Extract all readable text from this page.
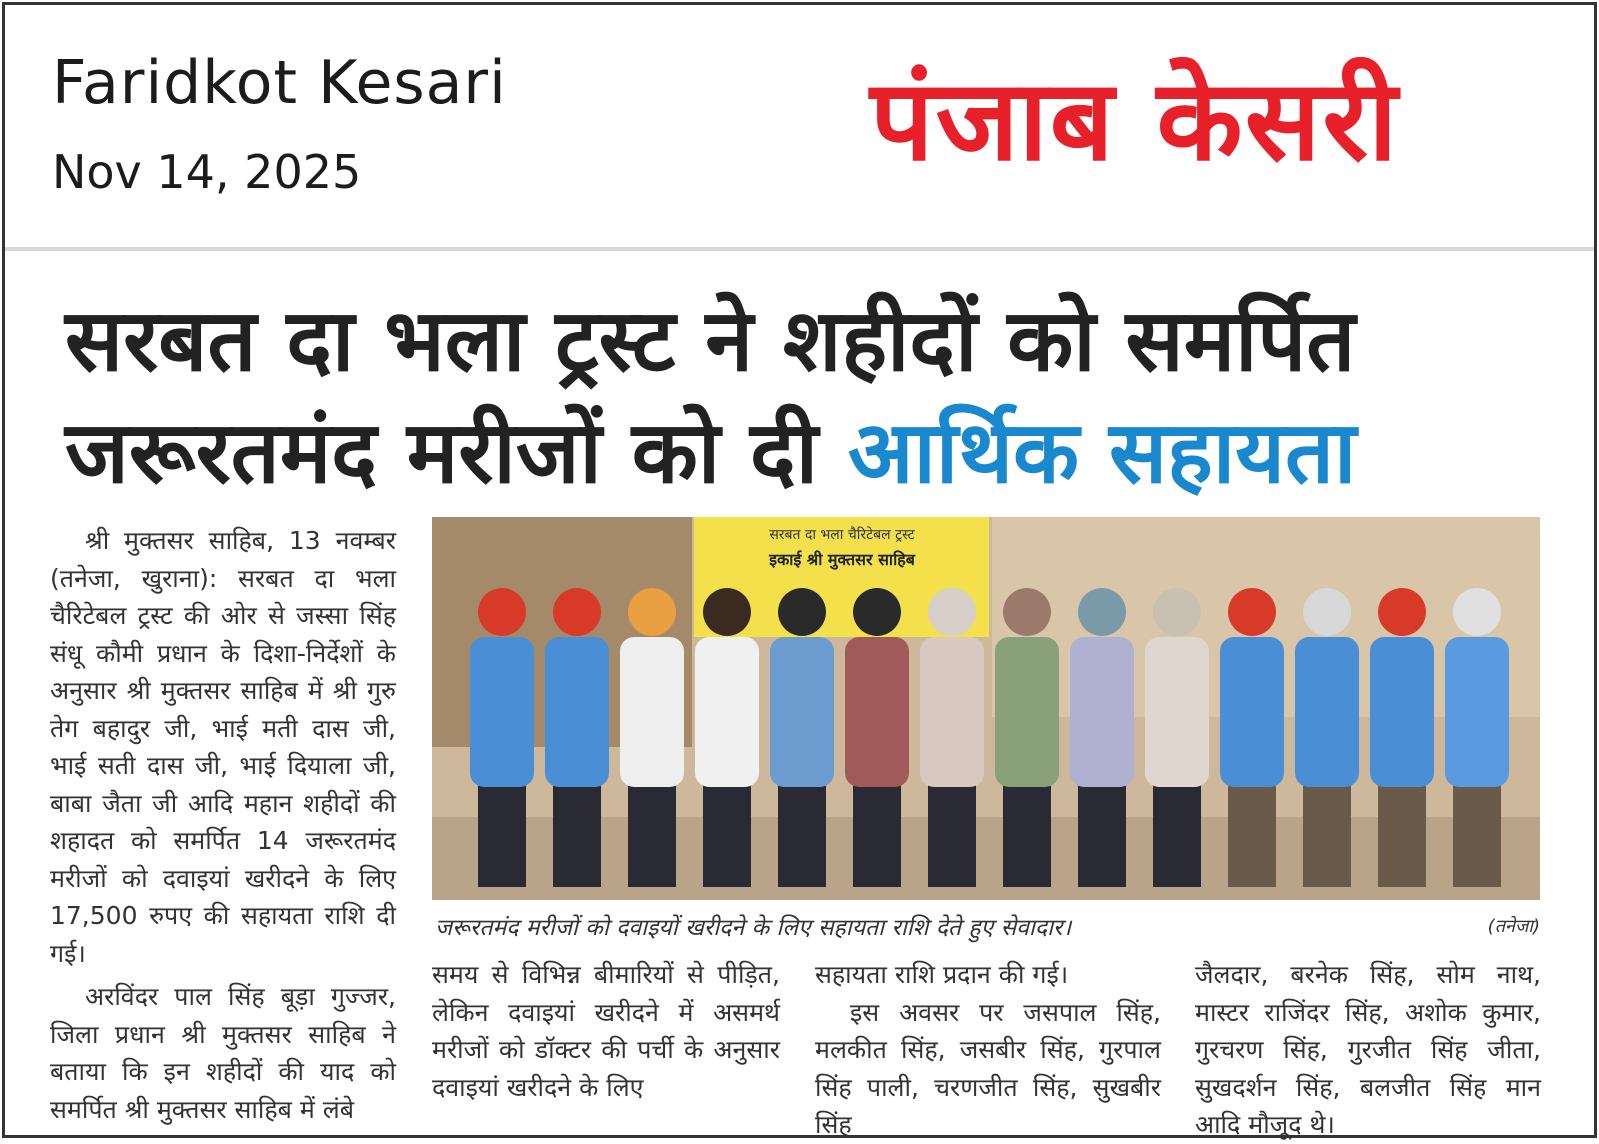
Faridkot Kesari
Nov 14, 2025	पंजाब केसरी
सरबत दा भला ट्रस्ट ने शहीदों को समर्पित
जरूरतमंद मरीजों को दी आर्थिक सहायता

श्री मुक्तसर साहिब, 13 नवम्बर (तनेजा, खुराना): सरबत दा भला चैरिटेबल ट्रस्ट की ओर से जस्सा सिंह संधू कौमी प्रधान के दिशा-निर्देशों के अनुसार श्री मुक्तसर साहिब में श्री गुरु तेग बहादुर जी, भाई मती दास जी, भाई सती दास जी, भाई दियाला जी, बाबा जैता जी आदि महान शहीदों की शहादत को समर्पित 14 जरूरतमंद मरीजों को दवाइयां खरीदने के लिए 17,500 रुपए की सहायता राशि दी गई।

अरविंदर पाल सिंह बूड़ा गुज्जर, जिला प्रधान श्री मुक्तसर साहिब ने बताया कि इन शहीदों की याद को समर्पित श्री मुक्तसर साहिब में लंबे

सरबत दा भला चैरिटेबल ट्रस्ट
इकाई श्री मुक्तसर साहिब
जरूरतमंद मरीजों को दवाइयों खरीदने के लिए सहायता राशि देते हुए सेवादार।	(तनेजा)

समय से विभिन्न बीमारियों से पीड़ित, लेकिन दवाइयां खरीदने में असमर्थ मरीजों को डॉक्टर की पर्ची के अनुसार दवाइयां खरीदने के लिए

सहायता राशि प्रदान की गई।

इस अवसर पर जसपाल सिंह, मलकीत सिंह, जसबीर सिंह, गुरपाल सिंह पाली, चरणजीत सिंह, सुखबीर सिंह

जैलदार, बरनेक सिंह, सोम नाथ, मास्टर राजिंदर सिंह, अशोक कुमार, गुरचरण सिंह, गुरजीत सिंह जीता, सुखदर्शन सिंह, बलजीत सिंह मान आदि मौजूद थे।
